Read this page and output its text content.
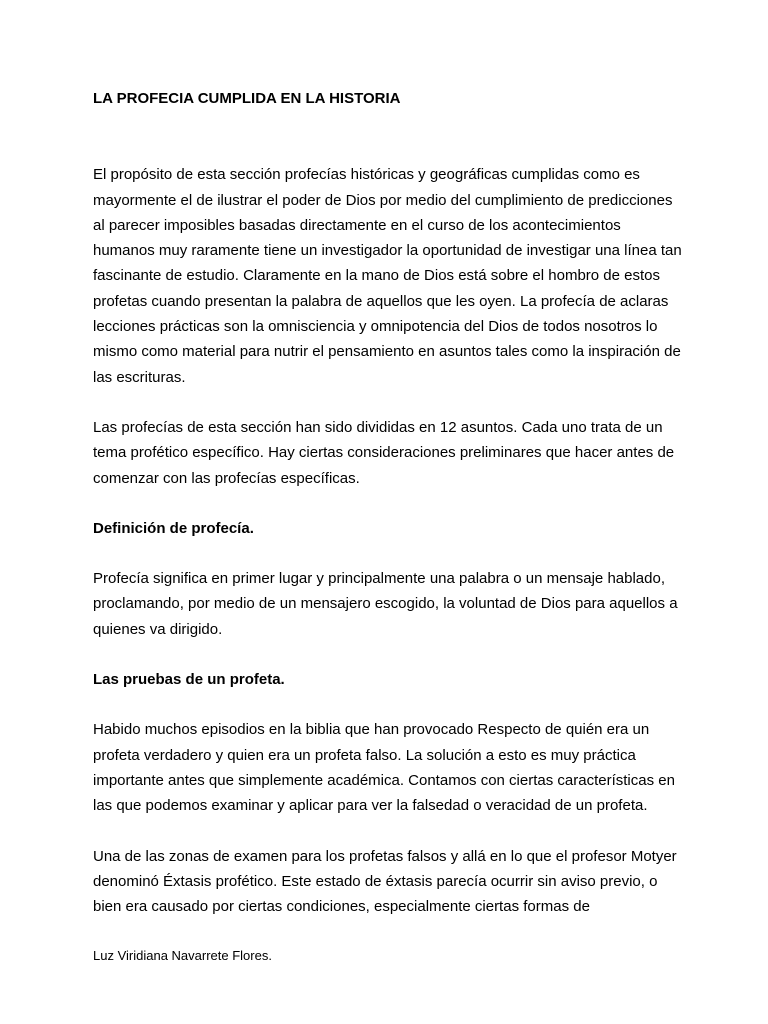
LA PROFECIA CUMPLIDA EN LA HISTORIA

El propósito de esta sección profecías históricas y geográficas cumplidas como es mayormente el de ilustrar el poder de Dios por medio del cumplimiento de predicciones al parecer imposibles basadas directamente en el curso de los acontecimientos humanos muy raramente tiene un investigador la oportunidad de investigar una línea tan fascinante de estudio. Claramente en la mano de Dios está sobre el hombro de estos profetas cuando presentan la palabra de aquellos que les oyen. La profecía de aclaras lecciones prácticas son la omnisciencia y omnipotencia del Dios de todos nosotros lo mismo como material para nutrir el pensamiento en asuntos tales como la inspiración de las escrituras.

Las profecías de esta sección han sido divididas en 12 asuntos. Cada uno trata de un tema profético específico. Hay ciertas consideraciones preliminares que hacer antes de comenzar con las profecías específicas.

Definición de profecía.

Profecía significa en primer lugar y principalmente una palabra o un mensaje hablado, proclamando, por medio de un mensajero escogido, la voluntad de Dios para aquellos a quienes va dirigido.

Las pruebas de un profeta.

Habido muchos episodios en la biblia que han provocado Respecto de quién era un profeta verdadero y quien era un profeta falso. La solución a esto es muy práctica importante antes que simplemente académica. Contamos con ciertas características en las que podemos examinar y aplicar para ver la falsedad o veracidad de un profeta.

Una de las zonas de examen para los profetas falsos y allá en lo que el profesor Motyer denominó Éxtasis profético. Este estado de éxtasis parecía ocurrir sin aviso previo, o bien era causado por ciertas condiciones, especialmente ciertas formas de

Luz Viridiana Navarrete Flores.
